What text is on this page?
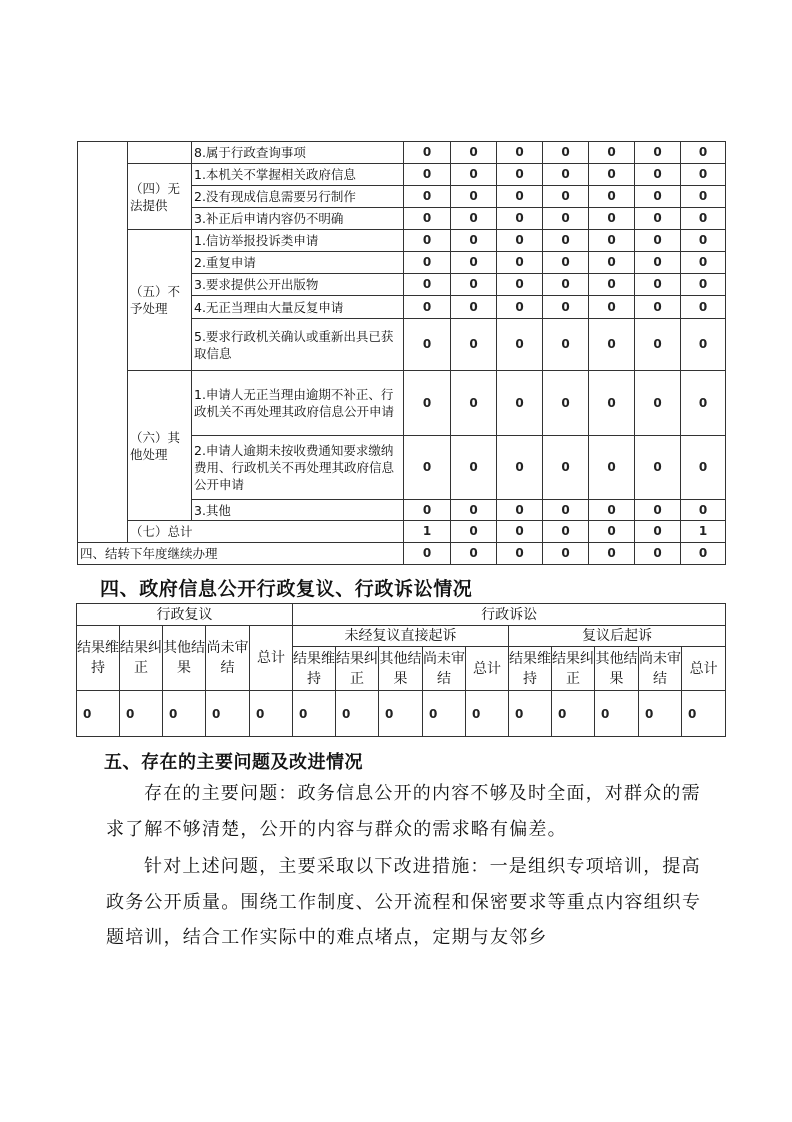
		8.属于行政查询事项	0	0	0	0	0	0	0
	（四）无法提供	1.本机关不掌握相关政府信息	0	0	0	0	0	0	0
		2.没有现成信息需要另行制作	0	0	0	0	0	0	0
		3.补正后申请内容仍不明确	0	0	0	0	0	0	0
	（五）不予处理	1.信访举报投诉类申请	0	0	0	0	0	0	0
		2.重复申请	0	0	0	0	0	0	0
		3.要求提供公开出版物	0	0	0	0	0	0	0
		4.无正当理由大量反复申请	0	0	0	0	0	0	0
		5.要求行政机关确认或重新出具已获取信息	0	0	0	0	0	0	0
	（六）其他处理	1.申请人无正当理由逾期不补正、行政机关不再处理其政府信息公开申请	0	0	0	0	0	0	0
		2.申请人逾期未按收费通知要求缴纳费用、行政机关不再处理其政府信息公开申请	0	0	0	0	0	0	0
		3.其他	0	0	0	0	0	0	0
	（七）总计		1	0	0	0	0	0	1
四、结转下年度继续办理			0	0	0	0	0	0	0
四、政府信息公开行政复议、行政诉讼情况
行政复议					行政诉讼									
结果维持	结果纠正	其他结果	尚未审结	总计	未经复议直接起诉					复议后起诉				
					结果维持	结果纠正	其他结果	尚未审结	总计	结果维持	结果纠正	其他结果	尚未审结	总计
0	0	0	0	0	0	0	0	0	0	0	0	0	0	0
五、存在的主要问题及改进情况
存在的主要问题：政务信息公开的内容不够及时全面，对群众的需求了解不够清楚，公开的内容与群众的需求略有偏差。
针对上述问题，主要采取以下改进措施：一是组织专项培训，提高政务公开质量。围绕工作制度、公开流程和保密要求等重点内容组织专题培训，结合工作实际中的难点堵点，定期与友邻乡
